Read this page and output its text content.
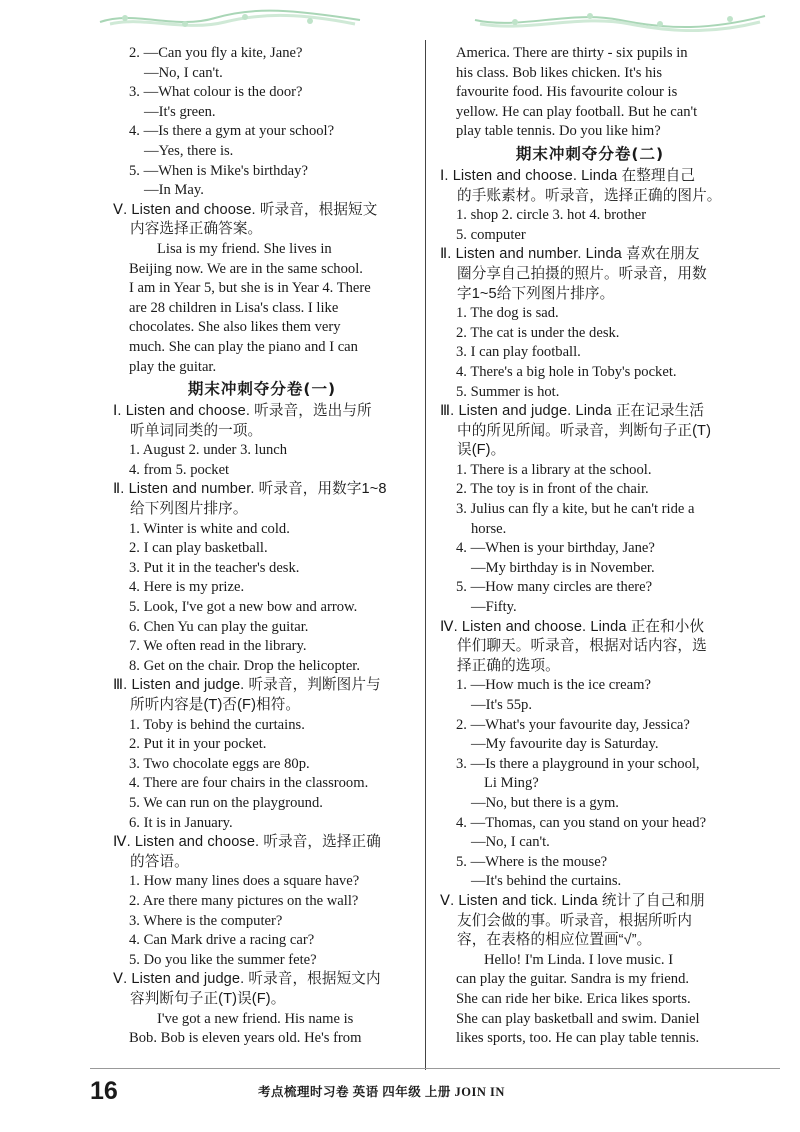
2. —Can you fly a kite, Jane?
—No, I can't.
3. —What colour is the door?
—It's green.
4. —Is there a gym at your school?
—Yes, there is.
5. —When is Mike's birthday?
—In May.
Ⅴ. Listen and choose. 听录音，根据短文
内容选择正确答案。
Lisa is my friend. She lives in
Beijing now. We are in the same school.
I am in Year 5, but she is in Year 4. There
are 28 children in Lisa's class. I like
chocolates. She also likes them very
much. She can play the piano and I can
play the guitar.
期末冲刺夺分卷(一)
Ⅰ. Listen and choose. 听录音，选出与所
听单词同类的一项。
1. August 2. under 3. lunch
4. from 5. pocket
Ⅱ. Listen and number. 听录音，用数字1~8
给下列图片排序。
1. Winter is white and cold.
2. I can play basketball.
3. Put it in the teacher's desk.
4. Here is my prize.
5. Look, I've got a new bow and arrow.
6. Chen Yu can play the guitar.
7. We often read in the library.
8. Get on the chair. Drop the helicopter.
Ⅲ. Listen and judge. 听录音，判断图片与
所听内容是(T)否(F)相符。
1. Toby is behind the curtains.
2. Put it in your pocket.
3. Two chocolate eggs are 80p.
4. There are four chairs in the classroom.
5. We can run on the playground.
6. It is in January.
Ⅳ. Listen and choose. 听录音，选择正确
的答语。
1. How many lines does a square have?
2. Are there many pictures on the wall?
3. Where is the computer?
4. Can Mark drive a racing car?
5. Do you like the summer fete?
Ⅴ. Listen and judge. 听录音，根据短文内
容判断句子正(T)误(F)。
I've got a new friend. His name is
Bob. Bob is eleven years old. He's from
America. There are thirty - six pupils in
his class. Bob likes chicken. It's his
favourite food. His favourite colour is
yellow. He can play football. But he can't
play table tennis. Do you like him?
期末冲刺夺分卷(二)
Ⅰ. Listen and choose. Linda 在整理自己
的手账素材。听录音，选择正确的图片。
1. shop 2. circle 3. hot 4. brother
5. computer
Ⅱ. Listen and number. Linda 喜欢在朋友
圈分享自己拍摄的照片。听录音，用数
字1~5给下列图片排序。
1. The dog is sad.
2. The cat is under the desk.
3. I can play football.
4. There's a big hole in Toby's pocket.
5. Summer is hot.
Ⅲ. Listen and judge. Linda 正在记录生活
中的所见所闻。听录音，判断句子正(T)
误(F)。
1. There is a library at the school.
2. The toy is in front of the chair.
3. Julius can fly a kite, but he can't ride a
horse.
4. —When is your birthday, Jane?
—My birthday is in November.
5. —How many circles are there?
—Fifty.
Ⅳ. Listen and choose. Linda 正在和小伙
伴们聊天。听录音，根据对话内容，选
择正确的选项。
1. —How much is the ice cream?
—It's 55p.
2. —What's your favourite day, Jessica?
—My favourite day is Saturday.
3. —Is there a playground in your school,
Li Ming?
—No, but there is a gym.
4. —Thomas, can you stand on your head?
—No, I can't.
5. —Where is the mouse?
—It's behind the curtains.
Ⅴ. Listen and tick. Linda 统计了自己和朋
友们会做的事。听录音，根据所听内
容，在表格的相应位置画“√”。
Hello! I'm Linda. I love music. I
can play the guitar. Sandra is my friend.
She can ride her bike. Erica likes sports.
She can play basketball and swim. Daniel
likes sports, too. He can play table tennis.
16	考点梳理时习卷 英语 四年级 上册 JOIN IN
